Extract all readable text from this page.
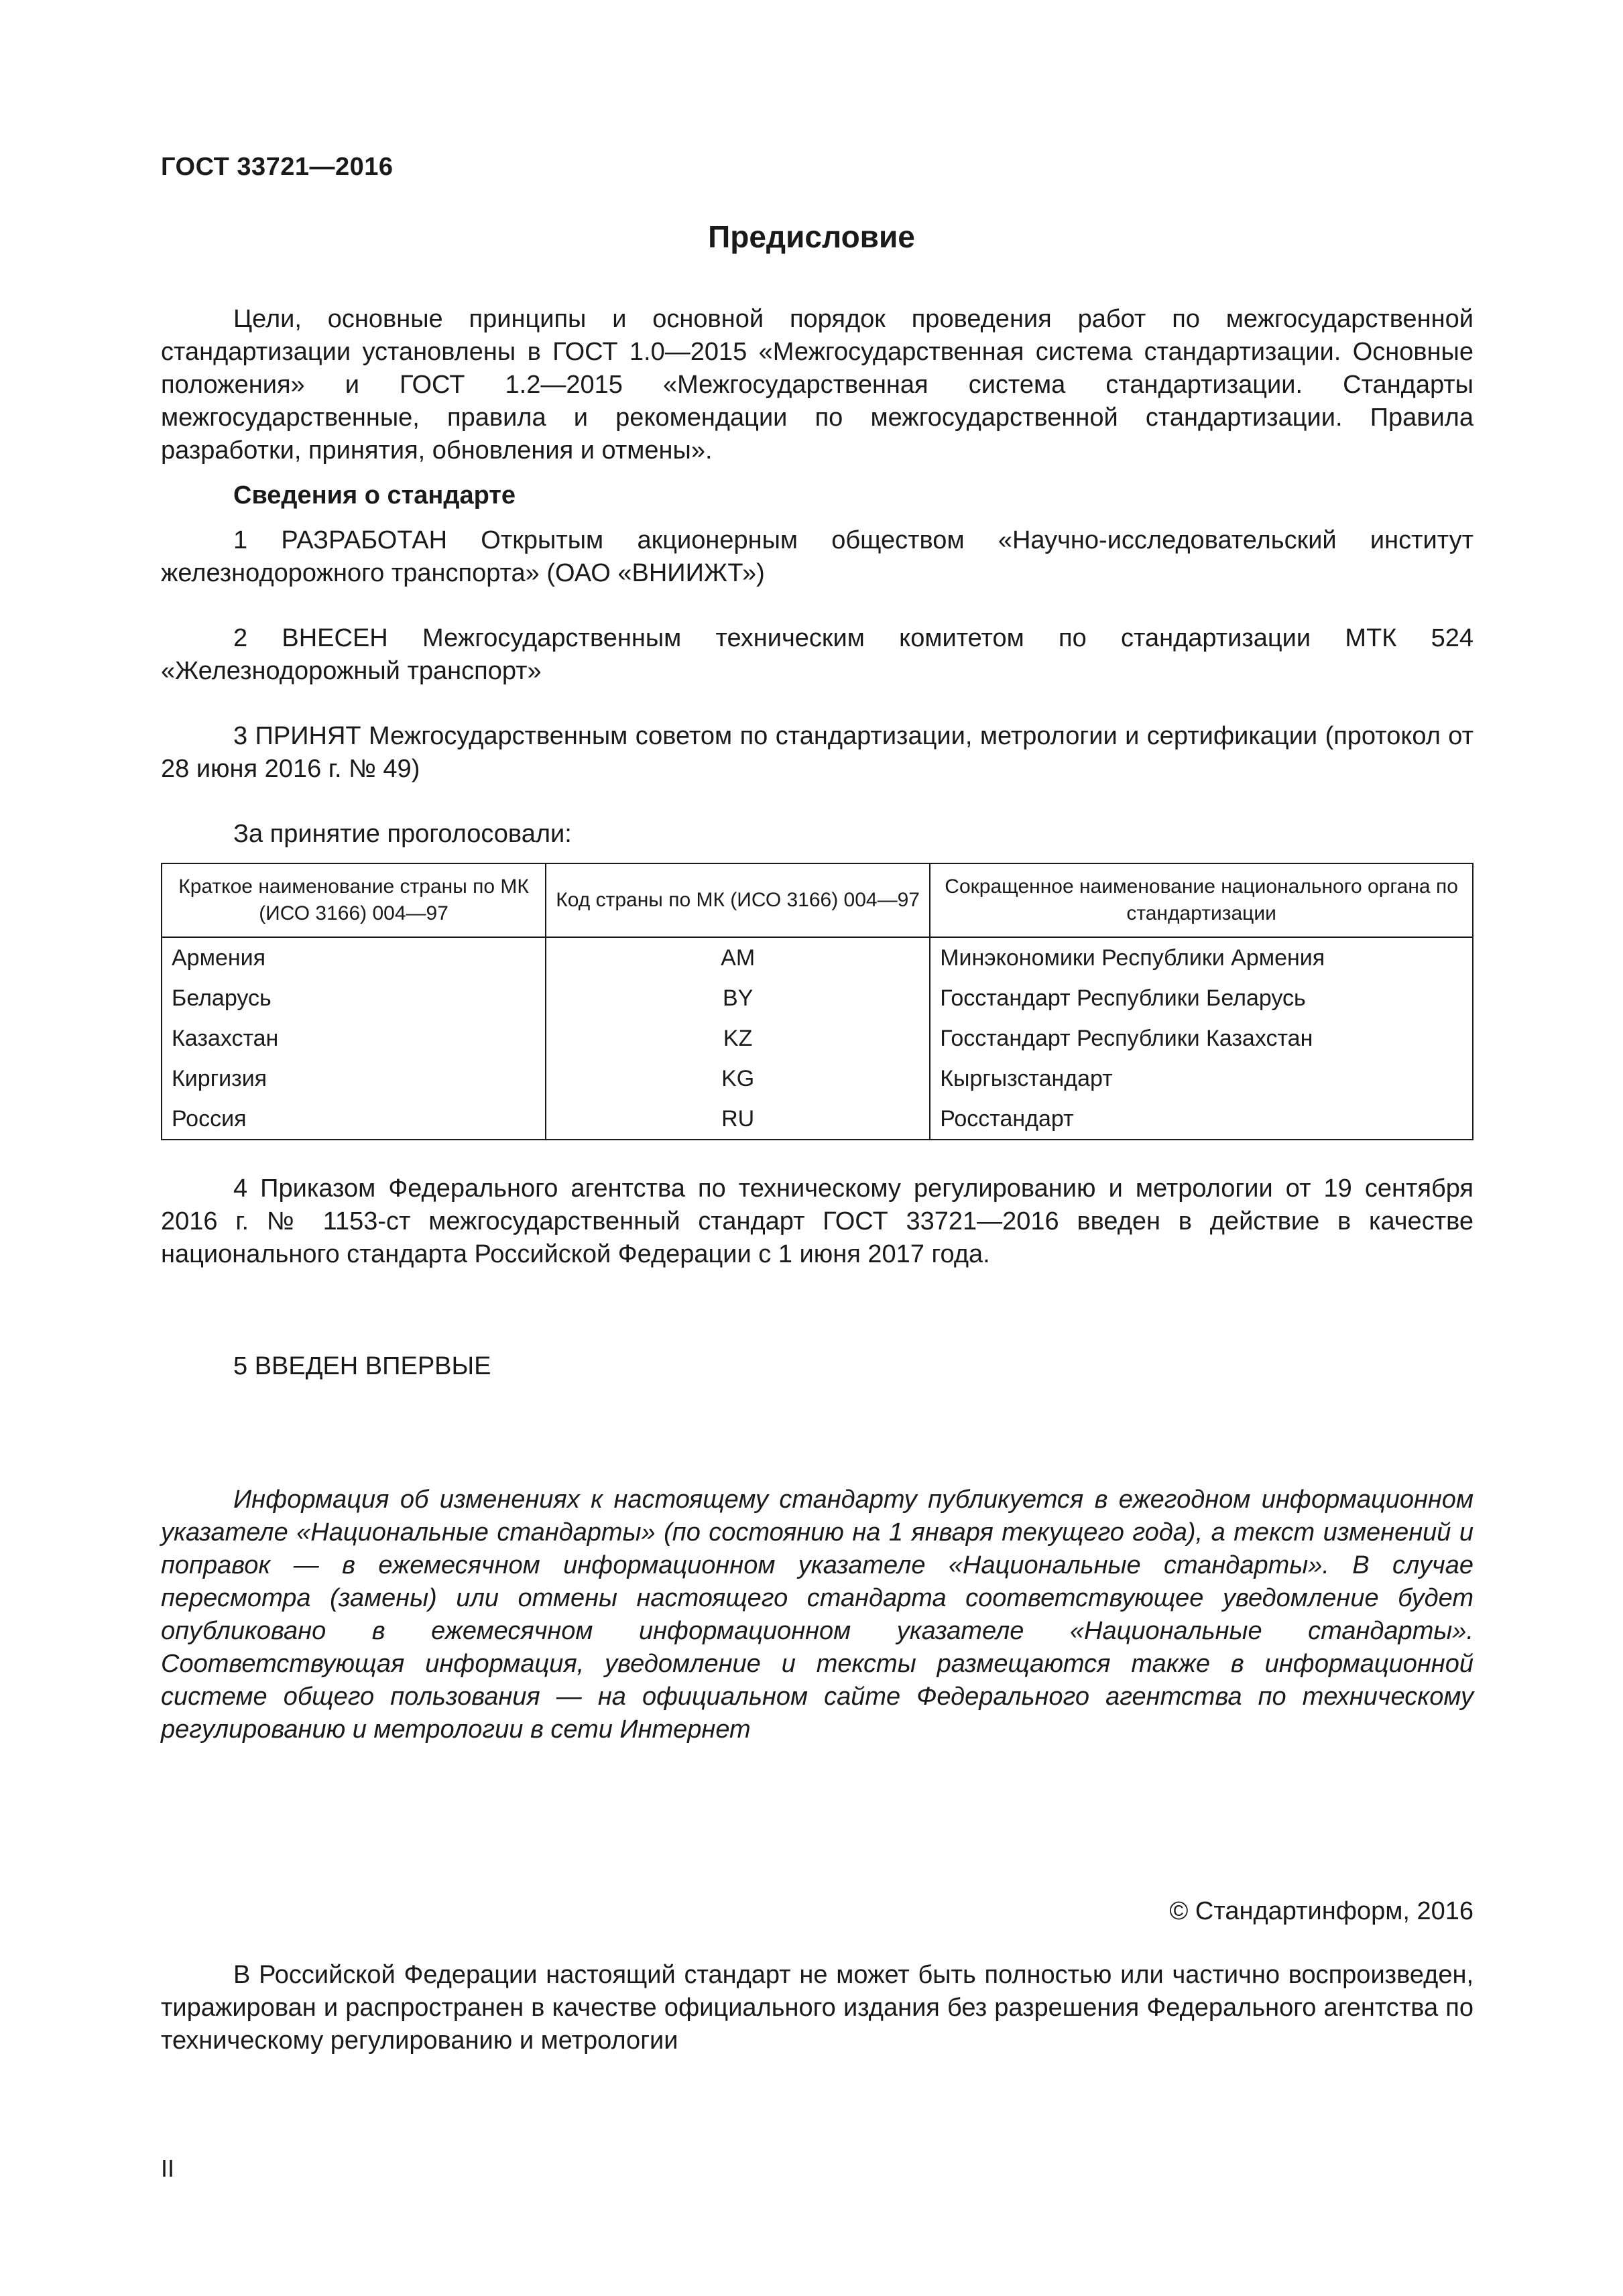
ГОСТ 33721—2016
Предисловие

Цели, основные принципы и основной порядок проведения работ по межгосударственной стандартизации установлены в ГОСТ 1.0—2015 «Межгосударственная система стандартизации. Основные положения» и ГОСТ 1.2—2015 «Межгосударственная система стандартизации. Стандарты межгосударственные, правила и рекомендации по межгосударственной стандартизации. Правила разработки, принятия, обновления и отмены».

Сведения о стандарте

1 РАЗРАБОТАН Открытым акционерным обществом «Научно-исследовательский институт железнодорожного транспорта» (ОАО «ВНИИЖТ»)

2 ВНЕСЕН Межгосударственным техническим комитетом по стандартизации МТК 524 «Железнодорожный транспорт»

3 ПРИНЯТ Межгосударственным советом по стандартизации, метрологии и сертификации (протокол от 28 июня 2016 г. № 49)

За принятие проголосовали:

Краткое наименование страны по МК (ИСО 3166) 004—97	Код страны по МК (ИСО 3166) 004—97	Сокращенное наименование национального органа по стандартизации
Армения	AM	Минэкономики Республики Армения
Беларусь	BY	Госстандарт Республики Беларусь
Казахстан	KZ	Госстандарт Республики Казахстан
Киргизия	KG	Кыргызстандарт
Россия	RU	Росстандарт

4 Приказом Федерального агентства по техническому регулированию и метрологии от 19 сентября 2016 г. № 1153-ст межгосударственный стандарт ГОСТ 33721—2016 введен в действие в качестве национального стандарта Российской Федерации с 1 июня 2017 года.

5 ВВЕДЕН ВПЕРВЫЕ

Информация об изменениях к настоящему стандарту публикуется в ежегодном информационном указателе «Национальные стандарты» (по состоянию на 1 января текущего года), а текст изменений и поправок — в ежемесячном информационном указателе «Национальные стандарты». В случае пересмотра (замены) или отмены настоящего стандарта соответствующее уведомление будет опубликовано в ежемесячном информационном указателе «Национальные стандарты». Соответствующая информация, уведомление и тексты размещаются также в информационной системе общего пользования — на официальном сайте Федерального агентства по техническому регулированию и метрологии в сети Интернет

© Стандартинформ, 2016

В Российской Федерации настоящий стандарт не может быть полностью или частично воспроизведен, тиражирован и распространен в качестве официального издания без разрешения Федерального агентства по техническому регулированию и метрологии

II
